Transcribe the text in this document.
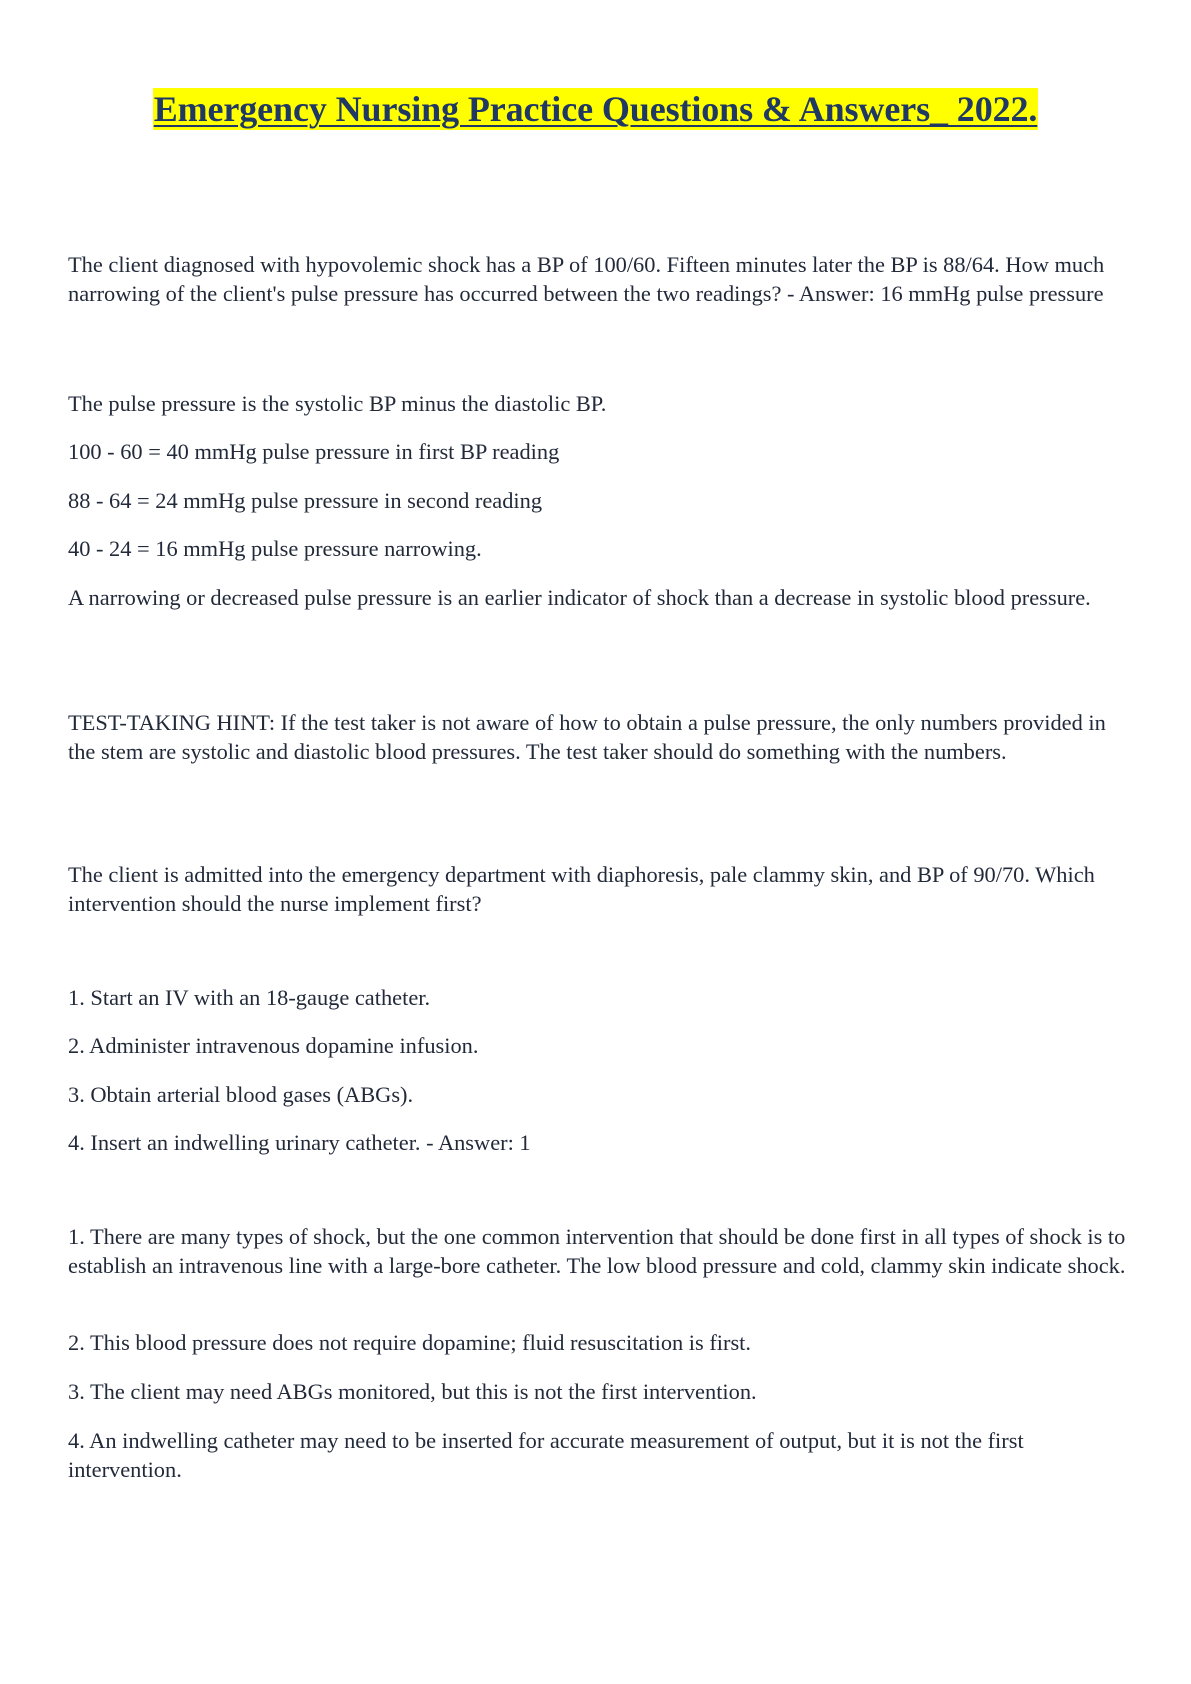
Emergency Nursing Practice Questions & Answers_ 2022.

The client diagnosed with hypovolemic shock has a BP of 100/60. Fifteen minutes later the BP is 88/64. How much narrowing of the client's pulse pressure has occurred between the two readings? - Answer: 16 mmHg pulse pressure

The pulse pressure is the systolic BP minus the diastolic BP.

100 - 60 = 40 mmHg pulse pressure in first BP reading

88 - 64 = 24 mmHg pulse pressure in second reading

40 - 24 = 16 mmHg pulse pressure narrowing.

A narrowing or decreased pulse pressure is an earlier indicator of shock than a decrease in systolic blood pressure.

TEST-TAKING HINT: If the test taker is not aware of how to obtain a pulse pressure, the only numbers provided in the stem are systolic and diastolic blood pressures. The test taker should do something with the numbers.

The client is admitted into the emergency department with diaphoresis, pale clammy skin, and BP of 90/70. Which intervention should the nurse implement first?

1. Start an IV with an 18-gauge catheter.

2. Administer intravenous dopamine infusion.

3. Obtain arterial blood gases (ABGs).

4. Insert an indwelling urinary catheter. - Answer: 1

1. There are many types of shock, but the one common intervention that should be done first in all types of shock is to establish an intravenous line with a large-bore catheter. The low blood pressure and cold, clammy skin indicate shock.

2. This blood pressure does not require dopamine; fluid resuscitation is first.

3. The client may need ABGs monitored, but this is not the first intervention.

4. An indwelling catheter may need to be inserted for accurate measurement of output, but it is not the first intervention.
